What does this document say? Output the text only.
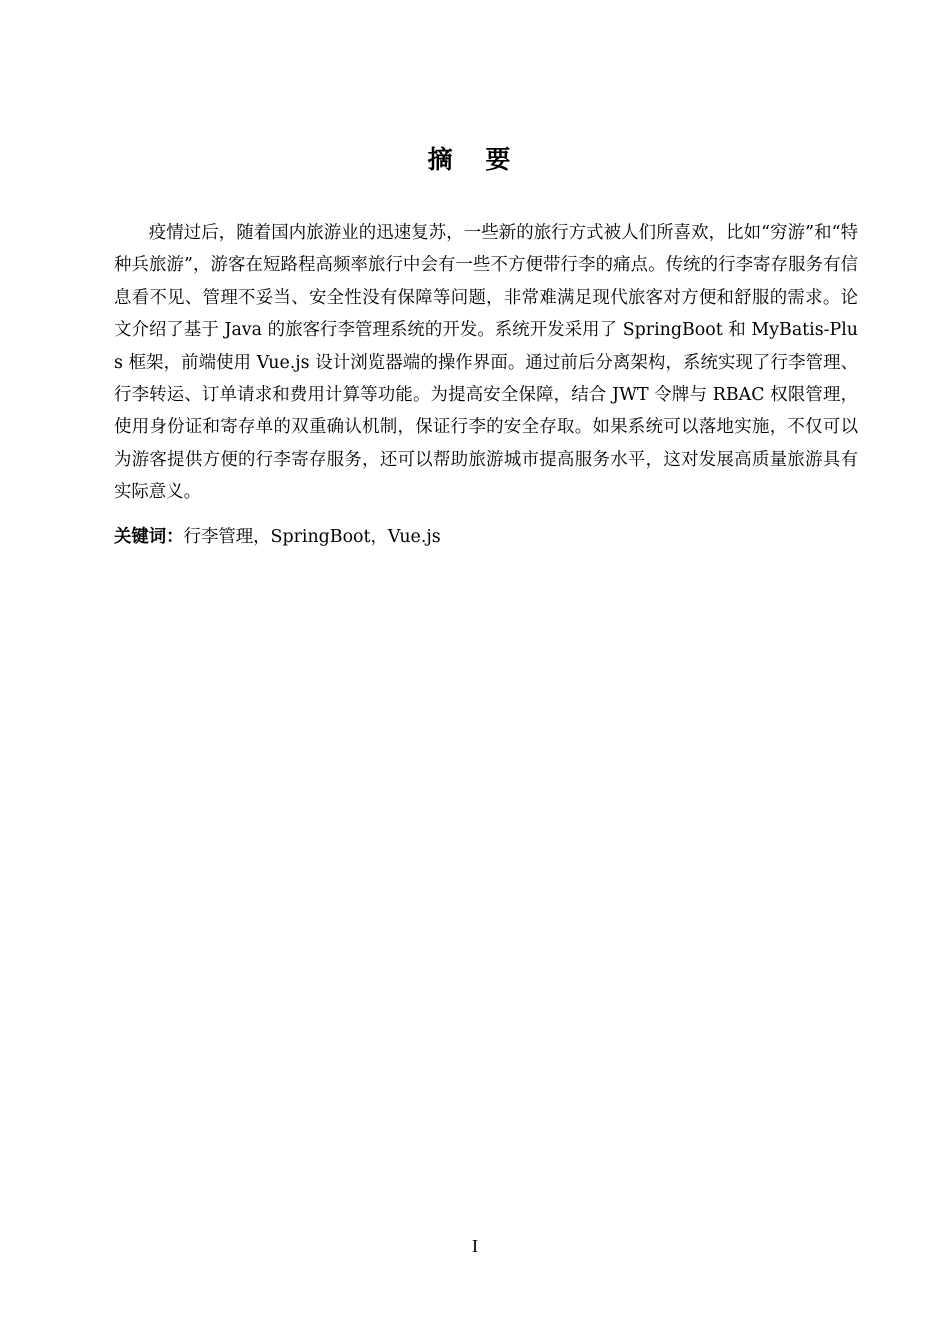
摘 要

疫情过后，随着国内旅游业的迅速复苏，一些新的旅行方式被人们所喜欢，比如“穷游”和“特种兵旅游”，游客在短路程高频率旅行中会有一些不方便带行李的痛点。传统的行李寄存服务有信息看不见、管理不妥当、安全性没有保障等问题，非常难满足现代旅客对方便和舒服的需求。论文介绍了基于 Java 的旅客行李管理系统的开发。系统开发采用了 SpringBoot 和 MyBatis-Plus 框架，前端使用 Vue.js 设计浏览器端的操作界面。通过前后分离架构，系统实现了行李管理、行李转运、订单请求和费用计算等功能。为提高安全保障，结合 JWT 令牌与 RBAC 权限管理，使用身份证和寄存单的双重确认机制，保证行李的安全存取。如果系统可以落地实施，不仅可以为游客提供方便的行李寄存服务，还可以帮助旅游城市提高服务水平，这对发展高质量旅游具有实际意义。

关键词：行李管理，SpringBoot，Vue.js
I
